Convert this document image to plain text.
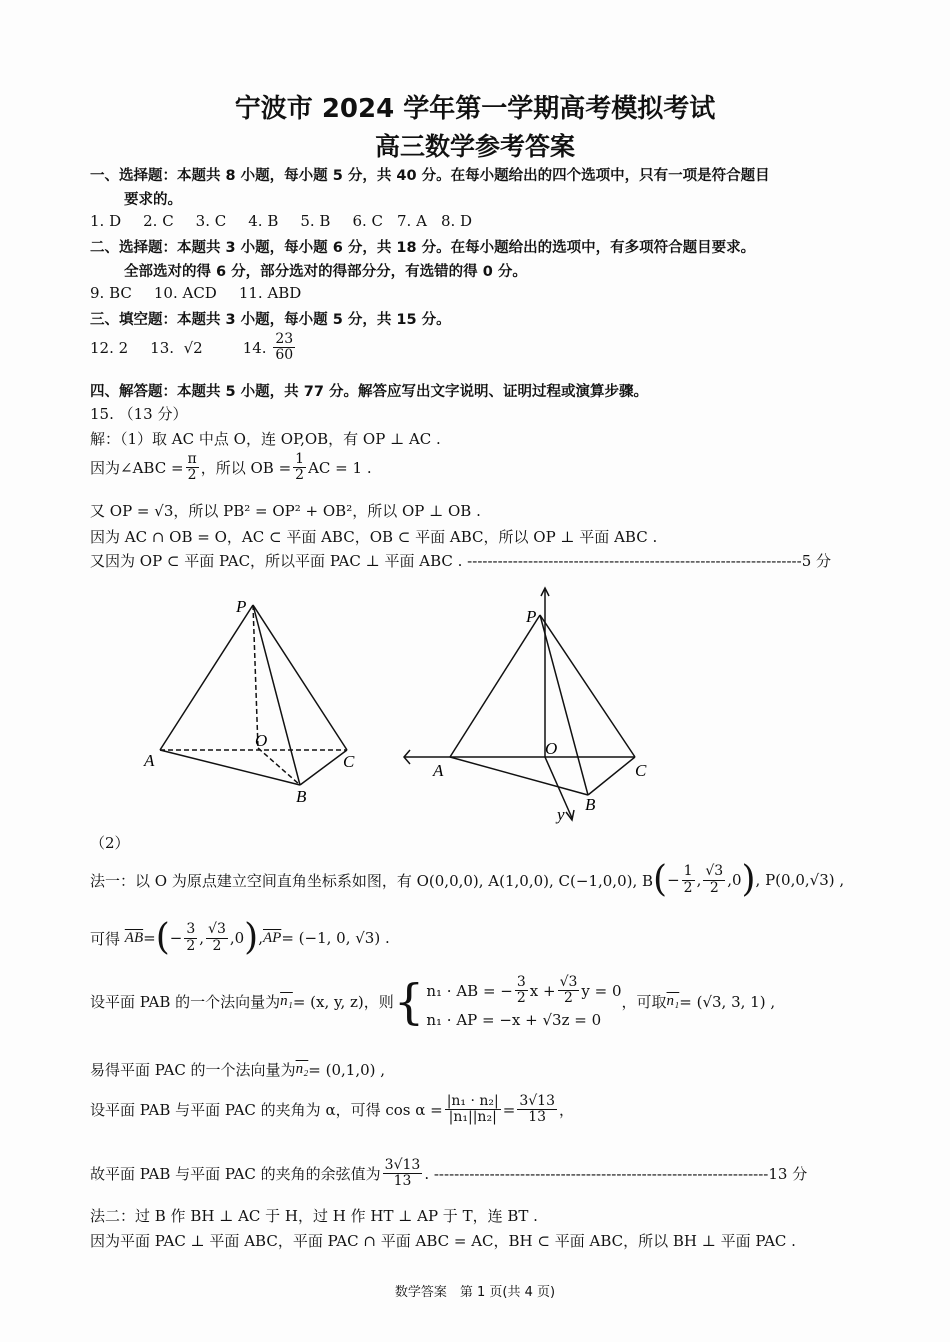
宁波市 2024 学年第一学期高考模拟考试
高三数学参考答案
一、选择题：本题共 8 小题，每小题 5 分，共 40 分。在每小题给出的四个选项中，只有一项是符合题目
要求的。
1. D 2. C 3. C 4. B 5. B 6. C 7. A 8. D
二、选择题：本题共 3 小题，每小题 6 分，共 18 分。在每小题给出的选项中，有多项符合题目要求。
全部选对的得 6 分，部分选对的得部分分，有选错的得 0 分。
9. BC 10. ACD 11. ABD
三、填空题：本题共 3 小题，每小题 5 分，共 15 分。
12. 2 13.
√2	14.
$\frac{23}{60}$
四、解答题：本题共 5 小题，共 77 分。解答应写出文字说明、证明过程或演算步骤。
15. （13 分）
解：（1）取 AC 中点 O，连 OP,OB，有 OP ⊥ AC .
因为∠ABC = $\frac{\pi}{2}$ ，所以 OB = $\frac{1}{2}$ AC = 1 .
又 OP = √3，所以 PB² = OP² + OB²，所以 OP ⊥ OB .
因为 AC ∩ OB = O，AC ⊂ 平面 ABC，OB ⊂ 平面 ABC，所以 OP ⊥ 平面 ABC .
又因为 OP ⊂ 平面 PAC，所以平面 PAC ⊥ 平面 ABC . ------------------------------------------------------------------5 分
P
A
B
C
O
P
A
B
C
O
y
（2）
法一：以 O 为原点建立空间直角坐标系如图，有 O(0,0,0), A(1,0,0), C(−1,0,0), B ( − $\frac{1}{2}$ , $\frac{√3}{2} ,0$ ) , P(0,0,√3) ,
可得
$\overline{AB}$ = ( − $\frac{3}{2}$ , $\frac{√3}{2} ,0$ ) , $\overline{AP} = (-1$, 0, √3) .
设平面 PAB 的一个法向量为 n₁ = (x, y, z)，则 { n₁ · AB = − $\frac{3}{2}$ $x + \frac{√3}{2}$ y = 0
n₁ · AP = −x + √3z = 0
，可取 n₁ = (√3, 3, 1) ,
易得平面 PAC 的一个法向量为 n₂ = (0,1,0) ,
设平面 PAB 与平面 PAC 的夹角为 α，可得 $\cos \alpha = \frac{\text{|n₁ · n₂|}}{\text{|n₁||n₂|}} = \frac{3√13}{13}$ ，
故平面 PAB 与平面 PAC 的夹角的余弦值为 $\frac{3√13}{13}$ . ------------------------------------------------------------------13 分
法二：过 B 作 BH ⊥ AC 于 H，过 H 作 HT ⊥ AP 于 T，连 BT .
因为平面 PAC ⊥ 平面 ABC，平面 PAC ∩ 平面 ABC = AC，BH ⊂ 平面 ABC，所以 BH ⊥ 平面 PAC .
数学答案　第 1 页(共 4 页)
